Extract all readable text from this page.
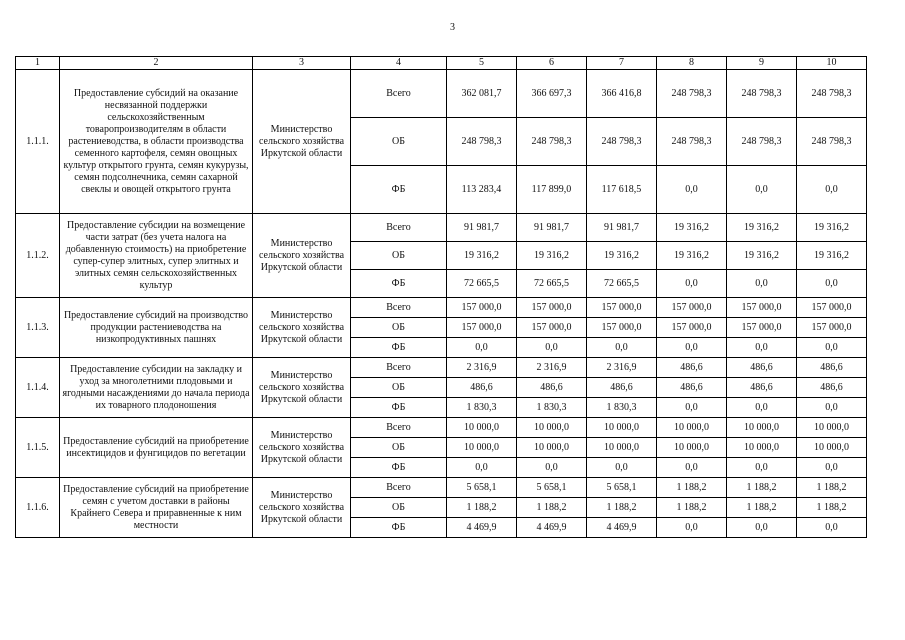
3
1	2	3	4	5	6	7	8	9	10
1.1.1.	Предоставление субсидий на оказание несвязанной поддержки сельскохозяйственным товаропроизводителям в области растениеводства, в области производства семенного картофеля, семян овощных культур открытого грунта, семян кукурузы, семян подсолнечника, семян сахарной свеклы и овощей открытого грунта	Министерство сельского хозяйства Иркутской области	Всего	362 081,7	366 697,3	366 416,8	248 798,3	248 798,3	248 798,3
			ОБ	248 798,3	248 798,3	248 798,3	248 798,3	248 798,3	248 798,3
			ФБ	113 283,4	117 899,0	117 618,5	0,0	0,0	0,0
1.1.2.	Предоставление субсидии на возмещение части затрат (без учета налога на добавленную стоимость) на приобретение супер-супер элитных, супер элитных и элитных семян сельскохозяйственных культур	Министерство сельского хозяйства Иркутской области	Всего	91 981,7	91 981,7	91 981,7	19 316,2	19 316,2	19 316,2
			ОБ	19 316,2	19 316,2	19 316,2	19 316,2	19 316,2	19 316,2
			ФБ	72 665,5	72 665,5	72 665,5	0,0	0,0	0,0
1.1.3.	Предоставление субсидий на производство продукции растениеводства на низкопродуктивных пашнях	Министерство сельского хозяйства Иркутской области	Всего	157 000,0	157 000,0	157 000,0	157 000,0	157 000,0	157 000,0
			ОБ	157 000,0	157 000,0	157 000,0	157 000,0	157 000,0	157 000,0
			ФБ	0,0	0,0	0,0	0,0	0,0	0,0
1.1.4.	Предоставление субсидии на закладку и уход за многолетними плодовыми и ягодными насаждениями до начала периода их товарного плодоношения	Министерство сельского хозяйства Иркутской области	Всего	2 316,9	2 316,9	2 316,9	486,6	486,6	486,6
			ОБ	486,6	486,6	486,6	486,6	486,6	486,6
			ФБ	1 830,3	1 830,3	1 830,3	0,0	0,0	0,0
1.1.5.	Предоставление субсидий на приобретение инсектицидов и фунгицидов по вегетации	Министерство сельского хозяйства Иркутской области	Всего	10 000,0	10 000,0	10 000,0	10 000,0	10 000,0	10 000,0
			ОБ	10 000,0	10 000,0	10 000,0	10 000,0	10 000,0	10 000,0
			ФБ	0,0	0,0	0,0	0,0	0,0	0,0
1.1.6.	Предоставление субсидий на приобретение семян с учетом доставки в районы Крайнего Севера и приравненные к ним местности	Министерство сельского хозяйства Иркутской области	Всего	5 658,1	5 658,1	5 658,1	1 188,2	1 188,2	1 188,2
			ОБ	1 188,2	1 188,2	1 188,2	1 188,2	1 188,2	1 188,2
			ФБ	4 469,9	4 469,9	4 469,9	0,0	0,0	0,0
